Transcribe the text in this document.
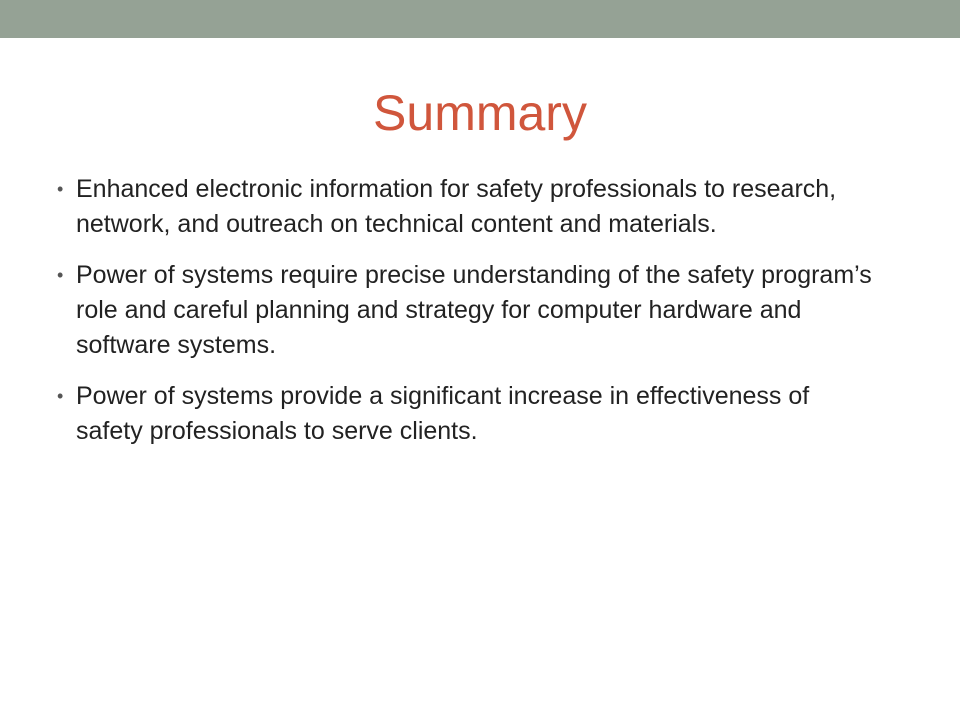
Summary
• Enhanced electronic information for safety professionals to research, network, and outreach on technical content and materials.
• Power of systems require precise understanding of the safety program’s role and careful planning and strategy for computer hardware and software systems.
• Power of systems provide a significant increase in effectiveness of safety professionals to serve clients.
